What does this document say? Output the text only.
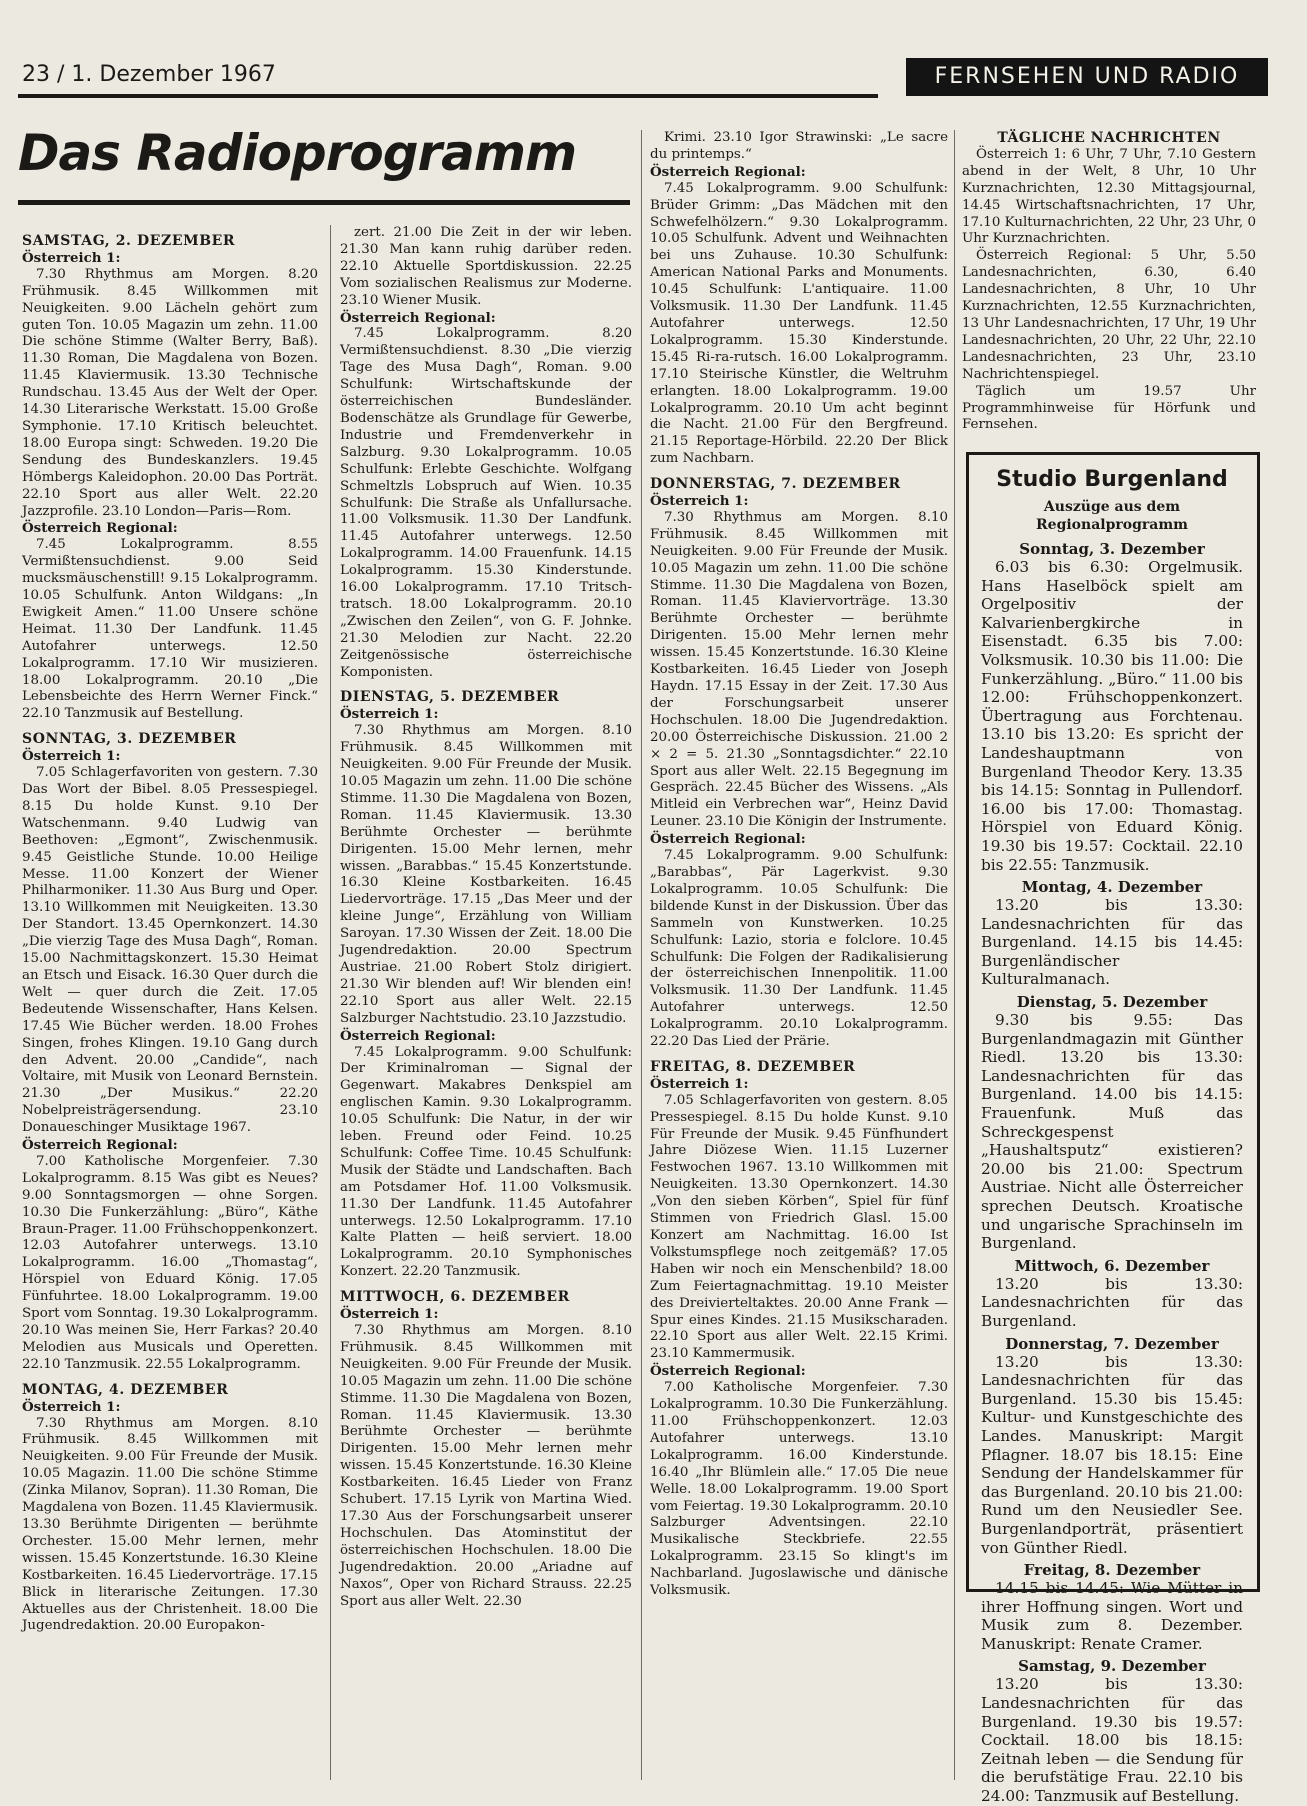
23 / 1. Dezember 1967	FERNSEHEN UND RADIO
Das Radioprogramm

SAMSTAG, 2. DEZEMBER

Österreich 1:

7.30 Rhythmus am Morgen. 8.20 Frühmusik. 8.45 Willkommen mit Neuigkeiten. 9.00 Lächeln gehört zum guten Ton. 10.05 Magazin um zehn. 11.00 Die schöne Stimme (Walter Berry, Baß). 11.30 Roman, Die Magdalena von Bozen. 11.45 Klaviermusik. 13.30 Technische Rundschau. 13.45 Aus der Welt der Oper. 14.30 Literarische Werkstatt. 15.00 Große Symphonie. 17.10 Kritisch beleuchtet. 18.00 Europa singt: Schweden. 19.20 Die Sendung des Bundeskanzlers. 19.45 Hömbergs Kaleidophon. 20.00 Das Porträt. 22.10 Sport aus aller Welt. 22.20 Jazzprofile. 23.10 London—Paris—Rom.

Österreich Regional:

7.45 Lokalprogramm. 8.55 Vermißtensuchdienst. 9.00 Seid mucksmäuschenstill! 9.15 Lokalprogramm. 10.05 Schulfunk. Anton Wildgans: „In Ewigkeit Amen.“ 11.00 Unsere schöne Heimat. 11.30 Der Landfunk. 11.45 Autofahrer unterwegs. 12.50 Lokalprogramm. 17.10 Wir musizieren. 18.00 Lokalprogramm. 20.10 „Die Lebensbeichte des Herrn Werner Finck.“ 22.10 Tanzmusik auf Bestellung.

SONNTAG, 3. DEZEMBER

Österreich 1:

7.05 Schlagerfavoriten von gestern. 7.30 Das Wort der Bibel. 8.05 Pressespiegel. 8.15 Du holde Kunst. 9.10 Der Watschenmann. 9.40 Ludwig van Beethoven: „Egmont“, Zwischenmusik. 9.45 Geistliche Stunde. 10.00 Heilige Messe. 11.00 Konzert der Wiener Philharmoniker. 11.30 Aus Burg und Oper. 13.10 Willkommen mit Neuigkeiten. 13.30 Der Standort. 13.45 Opernkonzert. 14.30 „Die vierzig Tage des Musa Dagh“, Roman. 15.00 Nachmittagskonzert. 15.30 Heimat an Etsch und Eisack. 16.30 Quer durch die Welt — quer durch die Zeit. 17.05 Bedeutende Wissenschafter, Hans Kelsen. 17.45 Wie Bücher werden. 18.00 Frohes Singen, frohes Klingen. 19.10 Gang durch den Advent. 20.00 „Candide“, nach Voltaire, mit Musik von Leonard Bernstein. 21.30 „Der Musikus.“ 22.20 Nobelpreisträgersendung. 23.10 Donaueschinger Musiktage 1967.

Österreich Regional:

7.00 Katholische Morgenfeier. 7.30 Lokalprogramm. 8.15 Was gibt es Neues? 9.00 Sonntagsmorgen — ohne Sorgen. 10.30 Die Funkerzählung: „Büro“, Käthe Braun-Prager. 11.00 Frühschoppenkonzert. 12.03 Autofahrer unterwegs. 13.10 Lokalprogramm. 16.00 „Thomastag“, Hörspiel von Eduard König. 17.05 Fünfuhrtee. 18.00 Lokalprogramm. 19.00 Sport vom Sonntag. 19.30 Lokalprogramm. 20.10 Was meinen Sie, Herr Farkas? 20.40 Melodien aus Musicals und Operetten. 22.10 Tanzmusik. 22.55 Lokalprogramm.

MONTAG, 4. DEZEMBER

Österreich 1:

7.30 Rhythmus am Morgen. 8.10 Frühmusik. 8.45 Willkommen mit Neuigkeiten. 9.00 Für Freunde der Musik. 10.05 Magazin. 11.00 Die schöne Stimme (Zinka Milanov, Sopran). 11.30 Roman, Die Magdalena von Bozen. 11.45 Klaviermusik. 13.30 Berühmte Dirigenten — berühmte Orchester. 15.00 Mehr lernen, mehr wissen. 15.45 Konzertstunde. 16.30 Kleine Kostbarkeiten. 16.45 Liedervorträge. 17.15 Blick in literarische Zeitungen. 17.30 Aktuelles aus der Christenheit. 18.00 Die Jugendredaktion. 20.00 Europakon-

zert. 21.00 Die Zeit in der wir leben. 21.30 Man kann ruhig darüber reden. 22.10 Aktuelle Sportdiskussion. 22.25 Vom sozialischen Realismus zur Moderne. 23.10 Wiener Musik.

Österreich Regional:

7.45 Lokalprogramm. 8.20 Vermißtensuchdienst. 8.30 „Die vierzig Tage des Musa Dagh“, Roman. 9.00 Schulfunk: Wirtschaftskunde der österreichischen Bundesländer. Bodenschätze als Grundlage für Gewerbe, Industrie und Fremdenverkehr in Salzburg. 9.30 Lokalprogramm. 10.05 Schulfunk: Erlebte Geschichte. Wolfgang Schmeltzls Lobspruch auf Wien. 10.35 Schulfunk: Die Straße als Unfallursache. 11.00 Volksmusik. 11.30 Der Landfunk. 11.45 Autofahrer unterwegs. 12.50 Lokalprogramm. 14.00 Frauenfunk. 14.15 Lokalprogramm. 15.30 Kinderstunde. 16.00 Lokalprogramm. 17.10 Tritsch-tratsch. 18.00 Lokalprogramm. 20.10 „Zwischen den Zeilen“, von G. F. Johnke. 21.30 Melodien zur Nacht. 22.20 Zeitgenössische österreichische Komponisten.

DIENSTAG, 5. DEZEMBER

Österreich 1:

7.30 Rhythmus am Morgen. 8.10 Frühmusik. 8.45 Willkommen mit Neuigkeiten. 9.00 Für Freunde der Musik. 10.05 Magazin um zehn. 11.00 Die schöne Stimme. 11.30 Die Magdalena von Bozen, Roman. 11.45 Klaviermusik. 13.30 Berühmte Orchester — berühmte Dirigenten. 15.00 Mehr lernen, mehr wissen. „Barabbas.“ 15.45 Konzertstunde. 16.30 Kleine Kostbarkeiten. 16.45 Liedervorträge. 17.15 „Das Meer und der kleine Junge“, Erzählung von William Saroyan. 17.30 Wissen der Zeit. 18.00 Die Jugendredaktion. 20.00 Spectrum Austriae. 21.00 Robert Stolz dirigiert. 21.30 Wir blenden auf! Wir blenden ein! 22.10 Sport aus aller Welt. 22.15 Salzburger Nachtstudio. 23.10 Jazzstudio.

Österreich Regional:

7.45 Lokalprogramm. 9.00 Schulfunk: Der Kriminalroman — Signal der Gegenwart. Makabres Denkspiel am englischen Kamin. 9.30 Lokalprogramm. 10.05 Schulfunk: Die Natur, in der wir leben. Freund oder Feind. 10.25 Schulfunk: Coffee Time. 10.45 Schulfunk: Musik der Städte und Landschaften. Bach am Potsdamer Hof. 11.00 Volksmusik. 11.30 Der Landfunk. 11.45 Autofahrer unterwegs. 12.50 Lokalprogramm. 17.10 Kalte Platten — heiß serviert. 18.00 Lokalprogramm. 20.10 Symphonisches Konzert. 22.20 Tanzmusik.

MITTWOCH, 6. DEZEMBER

Österreich 1:

7.30 Rhythmus am Morgen. 8.10 Frühmusik. 8.45 Willkommen mit Neuigkeiten. 9.00 Für Freunde der Musik. 10.05 Magazin um zehn. 11.00 Die schöne Stimme. 11.30 Die Magdalena von Bozen, Roman. 11.45 Klaviermusik. 13.30 Berühmte Orchester — berühmte Dirigenten. 15.00 Mehr lernen mehr wissen. 15.45 Konzertstunde. 16.30 Kleine Kostbarkeiten. 16.45 Lieder von Franz Schubert. 17.15 Lyrik von Martina Wied. 17.30 Aus der Forschungsarbeit unserer Hochschulen. Das Atominstitut der österreichischen Hochschulen. 18.00 Die Jugendredaktion. 20.00 „Ariadne auf Naxos“, Oper von Richard Strauss. 22.25 Sport aus aller Welt. 22.30

Krimi. 23.10 Igor Strawinski: „Le sacre du printemps.“

Österreich Regional:

7.45 Lokalprogramm. 9.00 Schulfunk: Brüder Grimm: „Das Mädchen mit den Schwefelhölzern.“ 9.30 Lokalprogramm. 10.05 Schulfunk. Advent und Weihnachten bei uns Zuhause. 10.30 Schulfunk: American National Parks and Monuments. 10.45 Schulfunk: L'antiquaire. 11.00 Volksmusik. 11.30 Der Landfunk. 11.45 Autofahrer unterwegs. 12.50 Lokalprogramm. 15.30 Kinderstunde. 15.45 Ri-ra-rutsch. 16.00 Lokalprogramm. 17.10 Steirische Künstler, die Weltruhm erlangten. 18.00 Lokalprogramm. 19.00 Lokalprogramm. 20.10 Um acht beginnt die Nacht. 21.00 Für den Bergfreund. 21.15 Reportage-Hörbild. 22.20 Der Blick zum Nachbarn.

DONNERSTAG, 7. DEZEMBER

Österreich 1:

7.30 Rhythmus am Morgen. 8.10 Frühmusik. 8.45 Willkommen mit Neuigkeiten. 9.00 Für Freunde der Musik. 10.05 Magazin um zehn. 11.00 Die schöne Stimme. 11.30 Die Magdalena von Bozen, Roman. 11.45 Klaviervorträge. 13.30 Berühmte Orchester — berühmte Dirigenten. 15.00 Mehr lernen mehr wissen. 15.45 Konzertstunde. 16.30 Kleine Kostbarkeiten. 16.45 Lieder von Joseph Haydn. 17.15 Essay in der Zeit. 17.30 Aus der Forschungsarbeit unserer Hochschulen. 18.00 Die Jugendredaktion. 20.00 Österreichische Diskussion. 21.00 2 × 2 = 5. 21.30 „Sonntagsdichter.“ 22.10 Sport aus aller Welt. 22.15 Begegnung im Gespräch. 22.45 Bücher des Wissens. „Als Mitleid ein Verbrechen war“, Heinz David Leuner. 23.10 Die Königin der Instrumente.

Österreich Regional:

7.45 Lokalprogramm. 9.00 Schulfunk: „Barabbas“, Pär Lagerkvist. 9.30 Lokalprogramm. 10.05 Schulfunk: Die bildende Kunst in der Diskussion. Über das Sammeln von Kunstwerken. 10.25 Schulfunk: Lazio, storia e folclore. 10.45 Schulfunk: Die Folgen der Radikalisierung der österreichischen Innenpolitik. 11.00 Volksmusik. 11.30 Der Landfunk. 11.45 Autofahrer unterwegs. 12.50 Lokalprogramm. 20.10 Lokalprogramm. 22.20 Das Lied der Prärie.

FREITAG, 8. DEZEMBER

Österreich 1:

7.05 Schlagerfavoriten von gestern. 8.05 Pressespiegel. 8.15 Du holde Kunst. 9.10 Für Freunde der Musik. 9.45 Fünfhundert Jahre Diözese Wien. 11.15 Luzerner Festwochen 1967. 13.10 Willkommen mit Neuigkeiten. 13.30 Opernkonzert. 14.30 „Von den sieben Körben“, Spiel für fünf Stimmen von Friedrich Glasl. 15.00 Konzert am Nachmittag. 16.00 Ist Volkstumspflege noch zeitgemäß? 17.05 Haben wir noch ein Menschenbild? 18.00 Zum Feiertagnachmittag. 19.10 Meister des Dreivierteltaktes. 20.00 Anne Frank — Spur eines Kindes. 21.15 Musikscharaden. 22.10 Sport aus aller Welt. 22.15 Krimi. 23.10 Kammermusik.

Österreich Regional:

7.00 Katholische Morgenfeier. 7.30 Lokalprogramm. 10.30 Die Funkerzählung. 11.00 Frühschoppenkonzert. 12.03 Autofahrer unterwegs. 13.10 Lokalprogramm. 16.00 Kinderstunde. 16.40 „Ihr Blümlein alle.“ 17.05 Die neue Welle. 18.00 Lokalprogramm. 19.00 Sport vom Feiertag. 19.30 Lokalprogramm. 20.10 Salzburger Adventsingen. 22.10 Musikalische Steckbriefe. 22.55 Lokalprogramm. 23.15 So klingt's im Nachbarland. Jugoslawische und dänische Volksmusik.

TÄGLICHE NACHRICHTEN

Österreich 1: 6 Uhr, 7 Uhr, 7.10 Gestern abend in der Welt, 8 Uhr, 10 Uhr Kurznachrichten, 12.30 Mittagsjournal, 14.45 Wirtschaftsnachrichten, 17 Uhr, 17.10 Kulturnachrichten, 22 Uhr, 23 Uhr, 0 Uhr Kurznachrichten.

Österreich Regional: 5 Uhr, 5.50 Landesnachrichten, 6.30, 6.40 Landesnachrichten, 8 Uhr, 10 Uhr Kurznachrichten, 12.55 Kurznachrichten, 13 Uhr Landesnachrichten, 17 Uhr, 19 Uhr Landesnachrichten, 20 Uhr, 22 Uhr, 22.10 Landesnachrichten, 23 Uhr, 23.10 Nachrichtenspiegel.

Täglich um 19.57 Uhr Programmhinweise für Hörfunk und Fernsehen.

Studio Burgenland
Auszüge aus dem Regionalprogramm
Sonntag, 3. Dezember

6.03 bis 6.30: Orgelmusik. Hans Haselböck spielt am Orgelpositiv der Kalvarienbergkirche in Eisenstadt. 6.35 bis 7.00: Volksmusik. 10.30 bis 11.00: Die Funkerzählung. „Büro.“ 11.00 bis 12.00: Frühschoppenkonzert. Übertragung aus Forchtenau. 13.10 bis 13.20: Es spricht der Landeshauptmann von Burgenland Theodor Kery. 13.35 bis 14.15: Sonntag in Pullendorf. 16.00 bis 17.00: Thomastag. Hörspiel von Eduard König. 19.30 bis 19.57: Cocktail. 22.10 bis 22.55: Tanzmusik.

Montag, 4. Dezember

13.20 bis 13.30: Landesnachrichten für das Burgenland. 14.15 bis 14.45: Burgenländischer Kulturalmanach.

Dienstag, 5. Dezember

9.30 bis 9.55: Das Burgenlandmagazin mit Günther Riedl. 13.20 bis 13.30: Landesnachrichten für das Burgenland. 14.00 bis 14.15: Frauenfunk. Muß das Schreckgespenst „Haushaltsputz“ existieren? 20.00 bis 21.00: Spectrum Austriae. Nicht alle Österreicher sprechen Deutsch. Kroatische und ungarische Sprachinseln im Burgenland.

Mittwoch, 6. Dezember

13.20 bis 13.30: Landesnachrichten für das Burgenland.

Donnerstag, 7. Dezember

13.20 bis 13.30: Landesnachrichten für das Burgenland. 15.30 bis 15.45: Kultur- und Kunstgeschichte des Landes. Manuskript: Margit Pflagner. 18.07 bis 18.15: Eine Sendung der Handelskammer für das Burgenland. 20.10 bis 21.00: Rund um den Neusiedler See. Burgenlandporträt, präsentiert von Günther Riedl.

Freitag, 8. Dezember

14.15 bis 14.45: Wie Mütter in ihrer Hoffnung singen. Wort und Musik zum 8. Dezember. Manuskript: Renate Cramer.

Samstag, 9. Dezember

13.20 bis 13.30: Landesnachrichten für das Burgenland. 19.30 bis 19.57: Cocktail. 18.00 bis 18.15: Zeitnah leben — die Sendung für die berufstätige Frau. 22.10 bis 24.00: Tanzmusik auf Bestellung.
